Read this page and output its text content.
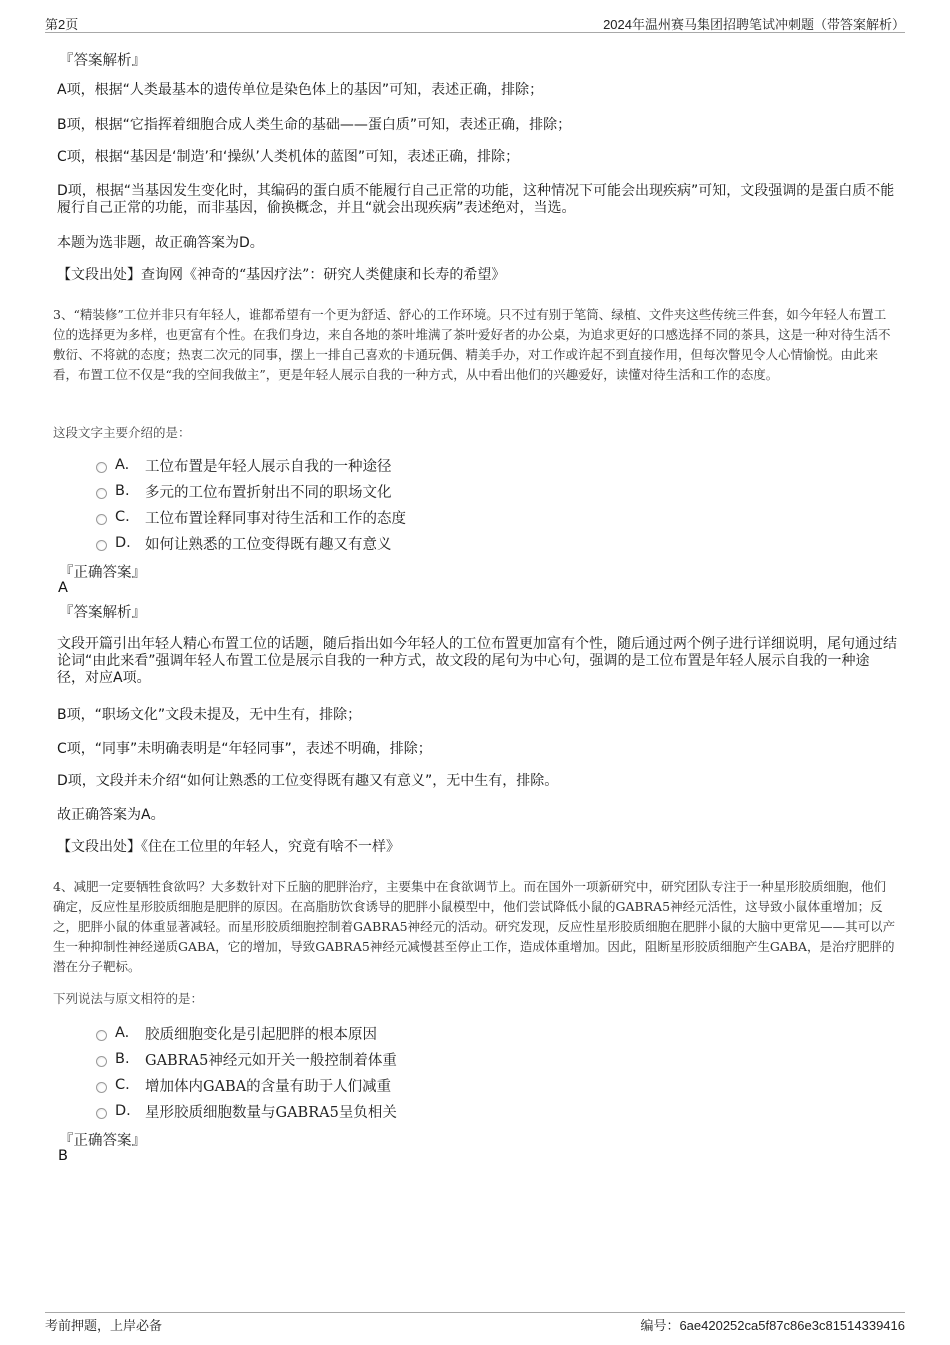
第2页	2024年温州赛马集团招聘笔试冲刺题（带答案解析）
『答案解析』
A项，根据“人类最基本的遗传单位是染色体上的基因”可知，表述正确，排除；
B项，根据“它指挥着细胞合成人类生命的基础——蛋白质”可知，表述正确，排除；
C项，根据“基因是‘制造’和‘操纵’人类机体的蓝图”可知，表述正确，排除；
D项，根据“当基因发生变化时，其编码的蛋白质不能履行自己正常的功能，这种情况下可能会出现疾病”可知，文段强调的是蛋白质不能履行自己正常的功能，而非基因，偷换概念，并且“就会出现疾病”表述绝对，当选。
本题为选非题，故正确答案为D。
【文段出处】查询网《神奇的“基因疗法”：研究人类健康和长寿的希望》
3、“精装修”工位并非只有年轻人，谁都希望有一个更为舒适、舒心的工作环境。只不过有别于笔筒、绿植、文件夹这些传统三件套，如今年轻人布置工位的选择更为多样，也更富有个性。在我们身边，来自各地的茶叶堆满了茶叶爱好者的办公桌，为追求更好的口感选择不同的茶具，这是一种对待生活不敷衍、不将就的态度；热衷二次元的同事，摆上一排自己喜欢的卡通玩偶、精美手办，对工作或许起不到直接作用，但每次瞥见令人心情愉悦。由此来看，布置工位不仅是“我的空间我做主”，更是年轻人展示自我的一种方式，从中看出他们的兴趣爱好，读懂对待生活和工作的态度。
这段文字主要介绍的是：
A.	工位布置是年轻人展示自我的一种途径
B.	多元的工位布置折射出不同的职场文化
C.	工位布置诠释同事对待生活和工作的态度
D. 如何让熟悉的工位变得既有趣又有意义
『正确答案』
A
『答案解析』
文段开篇引出年轻人精心布置工位的话题，随后指出如今年轻人的工位布置更加富有个性，随后通过两个例子进行详细说明，尾句通过结论词“由此来看”强调年轻人布置工位是展示自我的一种方式，故文段的尾句为中心句，强调的是工位布置是年轻人展示自我的一种途径，对应A项。
B项，“职场文化”文段未提及，无中生有，排除；
C项，“同事”未明确表明是“年轻同事”，表述不明确，排除；
D项，文段并未介绍“如何让熟悉的工位变得既有趣又有意义”，无中生有，排除。
故正确答案为A。
【文段出处】《住在工位里的年轻人，究竟有啥不一样》
4、减肥一定要牺牲食欲吗？大多数针对下丘脑的肥胖治疗，主要集中在食欲调节上。而在国外一项新研究中，研究团队专注于一种星形胶质细胞，他们确定，反应性星形胶质细胞是肥胖的原因。在高脂肪饮食诱导的肥胖小鼠模型中，他们尝试降低小鼠的GABRA5神经元活性，这导致小鼠体重增加；反之，肥胖小鼠的体重显著减轻。而星形胶质细胞控制着GABRA5神经元的活动。研究发现，反应性星形胶质细胞在肥胖小鼠的大脑中更常见——其可以产生一种抑制性神经递质GABA，它的增加，导致GABRA5神经元减慢甚至停止工作，造成体重增加。因此，阻断星形胶质细胞产生GABA，是治疗肥胖的潜在分子靶标。
下列说法与原文相符的是：
A.	胶质细胞变化是引起肥胖的根本原因
B.	GABRA5神经元如开关一般控制着体重
C.	增加体内GABA的含量有助于人们减重
D. 星形胶质细胞数量与GABRA5呈负相关
『正确答案』
B
考前押题，上岸必备	编号：6ae420252ca5f87c86e3c81514339416
